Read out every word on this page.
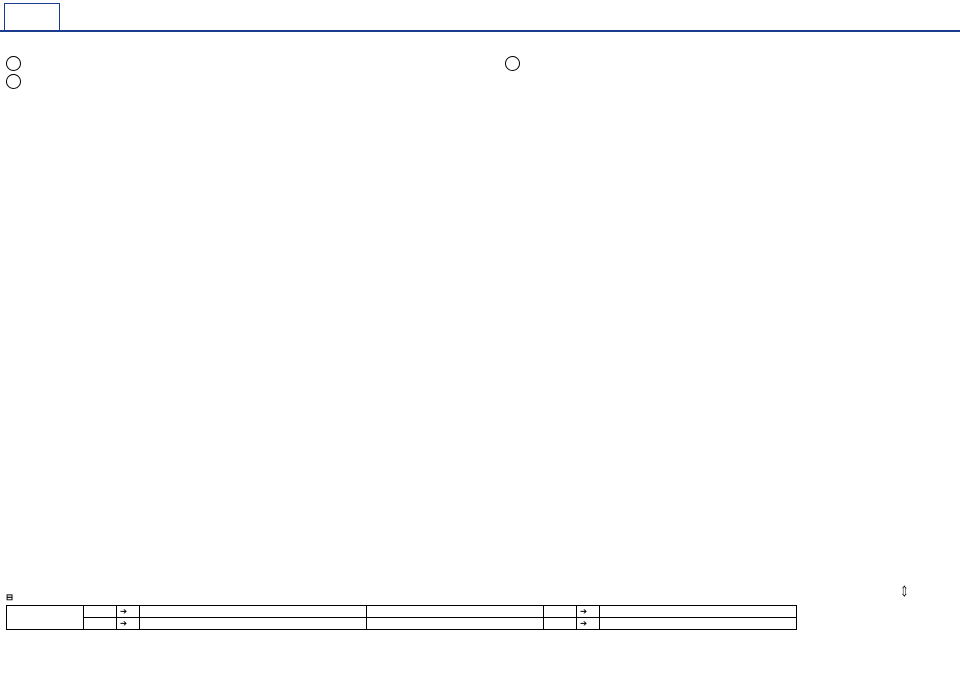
⊟
		➔				➔	
		➔				➔	
⇔
